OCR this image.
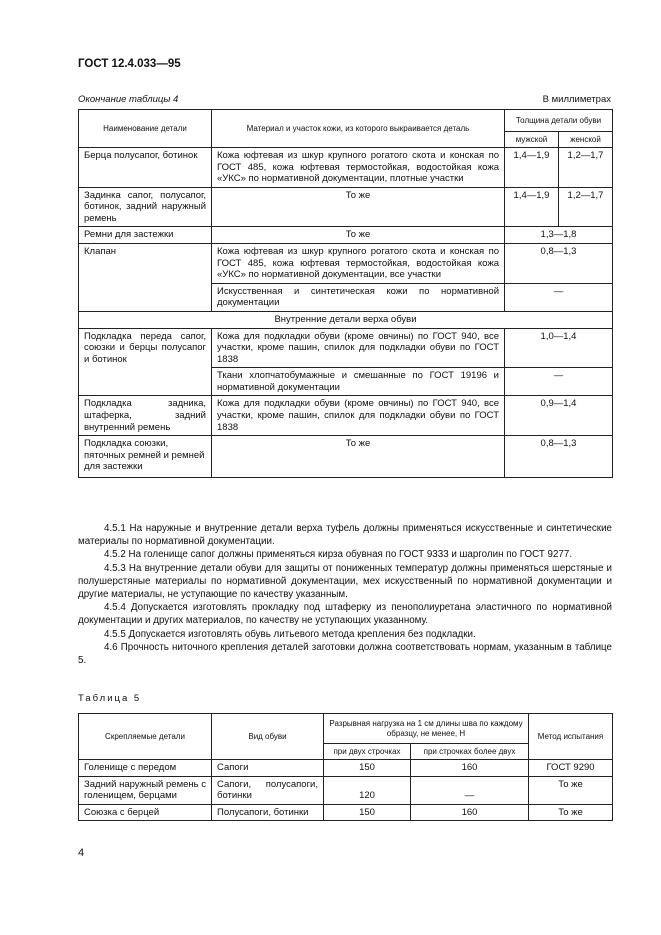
ГОСТ 12.4.033—95
Окончание таблицы 4	В миллиметрах
Наименование детали	Материал и участок кожи, из которого выкраивается деталь	Толщина детали обуви	
		мужской	женской
Берца полусапог, ботинок	Кожа юфтевая из шкур крупного рогатого скота и конская по ГОСТ 485, кожа юфтевая термостойкая, водостойкая кожа «УКС» по нормативной документации, плотные участки	1,4—1,9	1,2—1,7
Задинка сапог, полусапог, ботинок, задний наружный ремень	То же	1,4—1,9	1,2—1,7
Ремни для застежки	То же	1,3—1,8	
Клапан	Кожа юфтевая из шкур крупного рогатого скота и конская по ГОСТ 485, кожа юфтевая термостойкая, водостойкая кожа «УКС» по нормативной документации, все участки	0,8—1,3	
	Искусственная и синтетическая кожи по нормативной документации	—	
Внутренние детали верха обуви			
Подкладка переда сапог, союзки и берцы полусапог и ботинок	Кожа для подкладки обуви (кроме овчины) по ГОСТ 940, все участки, кроме пашин, спилок для подкладки обуви по ГОСТ 1838	1,0—1,4	
	Ткани хлопчатобумажные и смешанные по ГОСТ 19196 и нормативной документации	—	
Подкладка задника, штаферка, задний внутренний ремень	Кожа для подкладки обуви (кроме овчины) по ГОСТ 940, все участки, кроме пашин, спилок для подкладки обуви по ГОСТ 1838	0,9—1,4	
Подкладка союзки, пяточных ремней и ремней для застежки	То же	0,8—1,3	

4.5.1 На наружные и внутренние детали верха туфель должны применяться искусственные и синтетические материалы по нормативной документации.

4.5.2 На голенище сапог должны применяться кирза обувная по ГОСТ 9333 и шарголин по ГОСТ 9277.

4.5.3 На внутренние детали обуви для защиты от пониженных температур должны применяться шерстяные и полушерстяные материалы по нормативной документации, мех искусственный по нормативной документации и другие материалы, не уступающие по качеству указанным.

4.5.4 Допускается изготовлять прокладку под штаферку из пенополиуретана эластичного по нормативной документации и других материалов, по качеству не уступающих указанному.

4.5.5 Допускается изготовлять обувь литьевого метода крепления без подкладки.

4.6 Прочность ниточного крепления деталей заготовки должна соответствовать нормам, указанным в таблице 5.

Таблица 5
Скрепляемые детали	Вид обуви	Разрывная нагрузка на 1 см длины шва по каждому образцу, не менее, Н		Метод испытания
		при двух строчках	при строчках более двух	
Голенище с передом	Сапоги	150	160	ГОСТ 9290
Задний наружный ремень с голенищем, берцами	Сапоги, полусапоги, ботинки	120	—	То же
Союзка с берцей	Полусапоги, ботинки	150	160	То же
4
